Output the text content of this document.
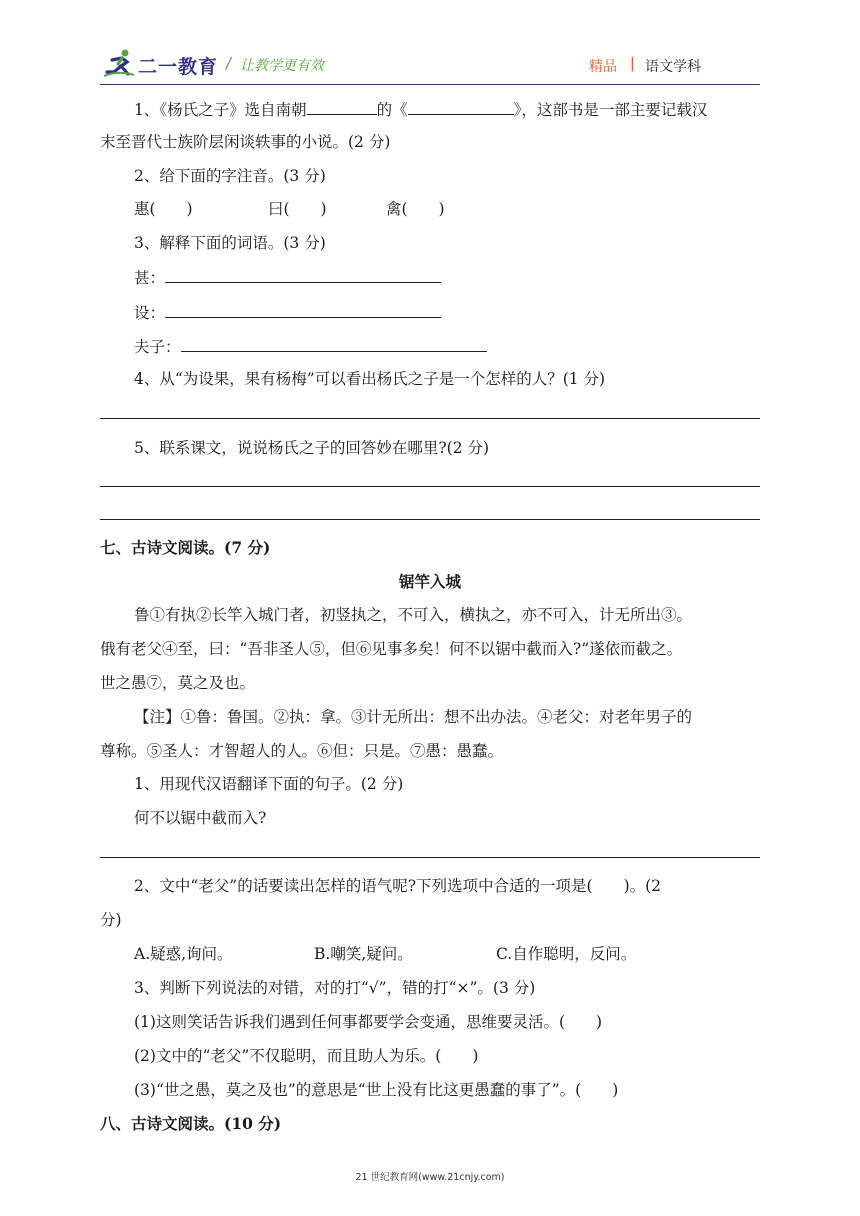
二一教育 / 让教学更有效	精品 | 语文学科
1、《杨氏之子》选自南朝	的《	》，这部书是一部主要记载汉
末至晋代士族阶层闲谈轶事的小说。(2 分)
2、给下面的字注音。(3 分)
惠(　　)	曰(　　)	禽(　　)
3、解释下面的词语。(3 分)
甚：
设：
夫子：
4、从“为设果，果有杨梅”可以看出杨氏之子是一个怎样的人？(1 分)
5、联系课文，说说杨氏之子的回答妙在哪里?(2 分)
七、古诗文阅读。(7 分)
锯竿入城
鲁①有执②长竿入城门者，初竖执之，不可入，横执之，亦不可入，计无所出③。
俄有老父④至，曰：“吾非圣人⑤，但⑥见事多矣！何不以锯中截而入?”遂依而截之。
世之愚⑦，莫之及也。
【注】①鲁：鲁国。②执：拿。③计无所出：想不出办法。④老父：对老年男子的
尊称。⑤圣人：才智超人的人。⑥但：只是。⑦愚：愚蠢。
1、用现代汉语翻译下面的句子。(2 分)
何不以锯中截而入?
2、文中“老父”的话要读出怎样的语气呢?下列选项中合适的一项是(　　)。(2
分)
A.疑惑,询问。	B.嘲笑,疑问。	C.自作聪明，反问。
3、判断下列说法的对错，对的打“√”，错的打“×”。(3 分)
(1)这则笑话告诉我们遇到任何事都要学会变通，思维要灵活。(　　)
(2)文中的“老父”不仅聪明，而且助人为乐。(　　)
(3)“世之愚，莫之及也”的意思是“世上没有比这更愚蠢的事了”。(　　)
八、古诗文阅读。(10 分)
21 世纪教育网(www.21cnjy.com)
